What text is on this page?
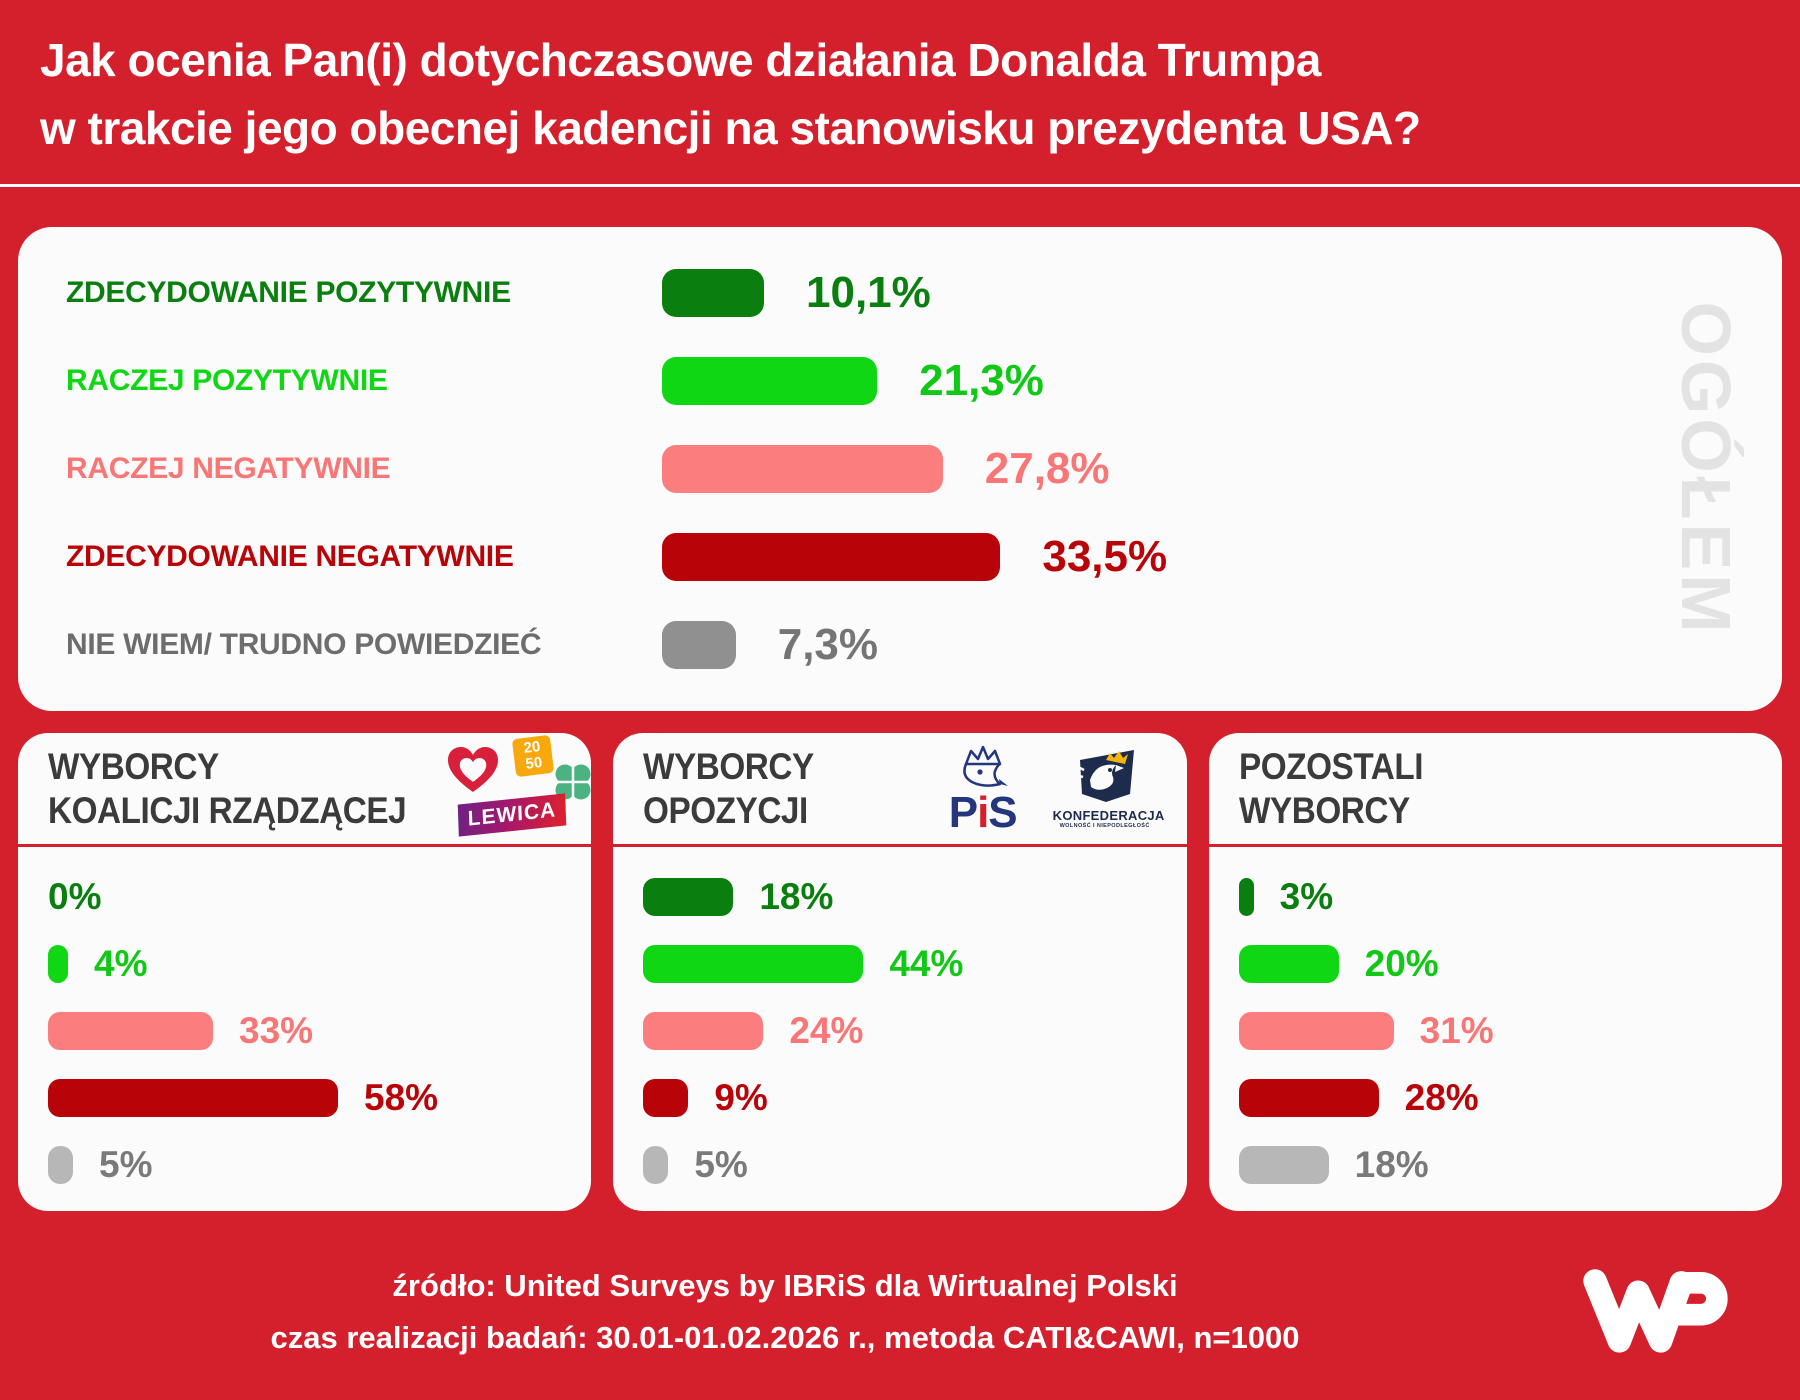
Jak ocenia Pan(i) dotychczasowe działania Donalda Trumpa
w trakcie jego obecnej kadencji na stanowisku prezydenta USA?
ZDECYDOWANIE POZYTYWNIE	10,1%
RACZEJ POZYTYWNIE	21,3%
RACZEJ NEGATYWNIE	27,8%
ZDECYDOWANIE NEGATYWNIE	33,5%
NIE WIEM/ TRUDNO POWIEDZIEĆ	7,3%
OGÓŁEM
WYBORCY
KOALICJI RZĄDZĄCEJ
20
50
LEWICA
0%
4%
33%
58%
5%
WYBORCY
OPOZYCJI	PiS	KONFEDERACJA
WOLNOŚĆ I NIEPODLEGŁOŚĆ
18%
44%
24%
9%
5%
POZOSTALI
WYBORCY
3%
20%
31%
28%
18%

źródło: United Surveys by IBRiS dla Wirtualnej Polski

czas realizacji badań: 30.01-01.02.2026 r., metoda CATI&CAWI, n=1000
